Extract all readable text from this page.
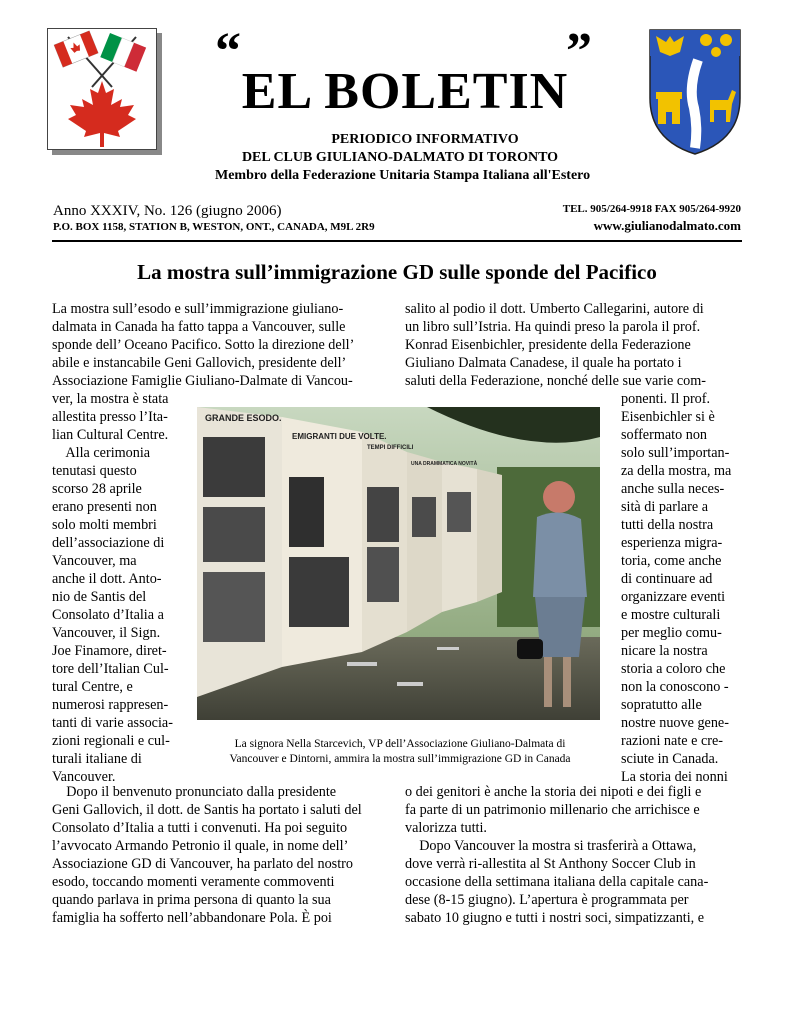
“	”
EL BOLETIN
PERIODICO INFORMATIVO
DEL CLUB GIULIANO-DALMATO DI TORONTO
Membro della Federazione Unitaria Stampa Italiana all'Estero
Anno XXXIV, No. 126 (giugno 2006)
P.O. BOX 1158, STATION B, WESTON, ONT., CANADA, M9L 2R9
TEL. 905/264-9918 FAX 905/264-9920
www.giulianodalmato.com
La mostra sull’immigrazione GD sulle sponde del Pacifico
La mostra sull’esodo e sull’immigrazione giuliano-
dalmata in Canada ha fatto tappa a Vancouver, sulle
sponde dell’ Oceano Pacifico. Sotto la direzione dell’
abile e instancabile Geni Gallovich, presidente dell’
Associazione Famiglie Giuliano-Dalmate di Vancou-
ver, la mostra è stata
allestita presso l’Ita-
lian Cultural Centre.
Alla cerimonia
tenutasi questo
scorso 28 aprile
erano presenti non
solo molti membri
dell’associazione di
Vancouver, ma
anche il dott. Anto-
nio de Santis del
Consolato d’Italia a
Vancouver, il Sign.
Joe Finamore, diret-
tore dell’Italian Cul-
tural Centre, e
numerosi rappresen-
tanti di varie associa-
zioni regionali e cul-
turali italiane di
Vancouver.
Dopo il benvenuto pronunciato dalla presidente
Geni Gallovich, il dott. de Santis ha portato i saluti del
Consolato d’Italia a tutti i convenuti. Ha poi seguito
l’avvocato Armando Petronio il quale, in nome dell’
Associazione GD di Vancouver, ha parlato del nostro
esodo, toccando momenti veramente commoventi
quando parlava in prima persona di quanto la sua
famiglia ha sofferto nell’abbandonare Pola. È poi
salito al podio il dott. Umberto Callegarini, autore di
un libro sull’Istria. Ha quindi preso la parola il prof.
Konrad Eisenbichler, presidente della Federazione
Giuliano Dalmata Canadese, il quale ha portato i
saluti della Federazione, nonché delle sue varie com-
ponenti. Il prof.
Eisenbichler si è
soffermato non
solo sull’importan-
za della mostra, ma
anche sulla neces-
sità di parlare a
tutti della nostra
esperienza migra-
toria, come anche
di continuare ad
organizzare eventi
e mostre culturali
per meglio comu-
nicare la nostra
storia a coloro che
non la conoscono -
sopratutto alle
nostre nuove gene-
razioni nate e cre-
sciute in Canada.
La storia dei nonni
o dei genitori è anche la storia dei nipoti e dei figli e
fa parte di un patrimonio millenario che arrichisce e
valorizza tutti.
Dopo Vancouver la mostra si trasferirà a Ottawa,
dove verrà ri-allestita al St Anthony Soccer Club in
occasione della settimana italiana della capitale cana-
dese (8-15 giugno). L’apertura è programmata per
sabato 10 giugno e tutti i nostri soci, simpatizzanti, e
GRANDE ESODO.
EMIGRANTI DUE VOLTE.
TEMPI DIFFICILI
UNA DRAMMATICA NOVITÀ
La signora Nella Starcevich, VP dell’Associazione Giuliano-Dalmata di
Vancouver e Dintorni, ammira la mostra sull’immigrazione GD in Canada
